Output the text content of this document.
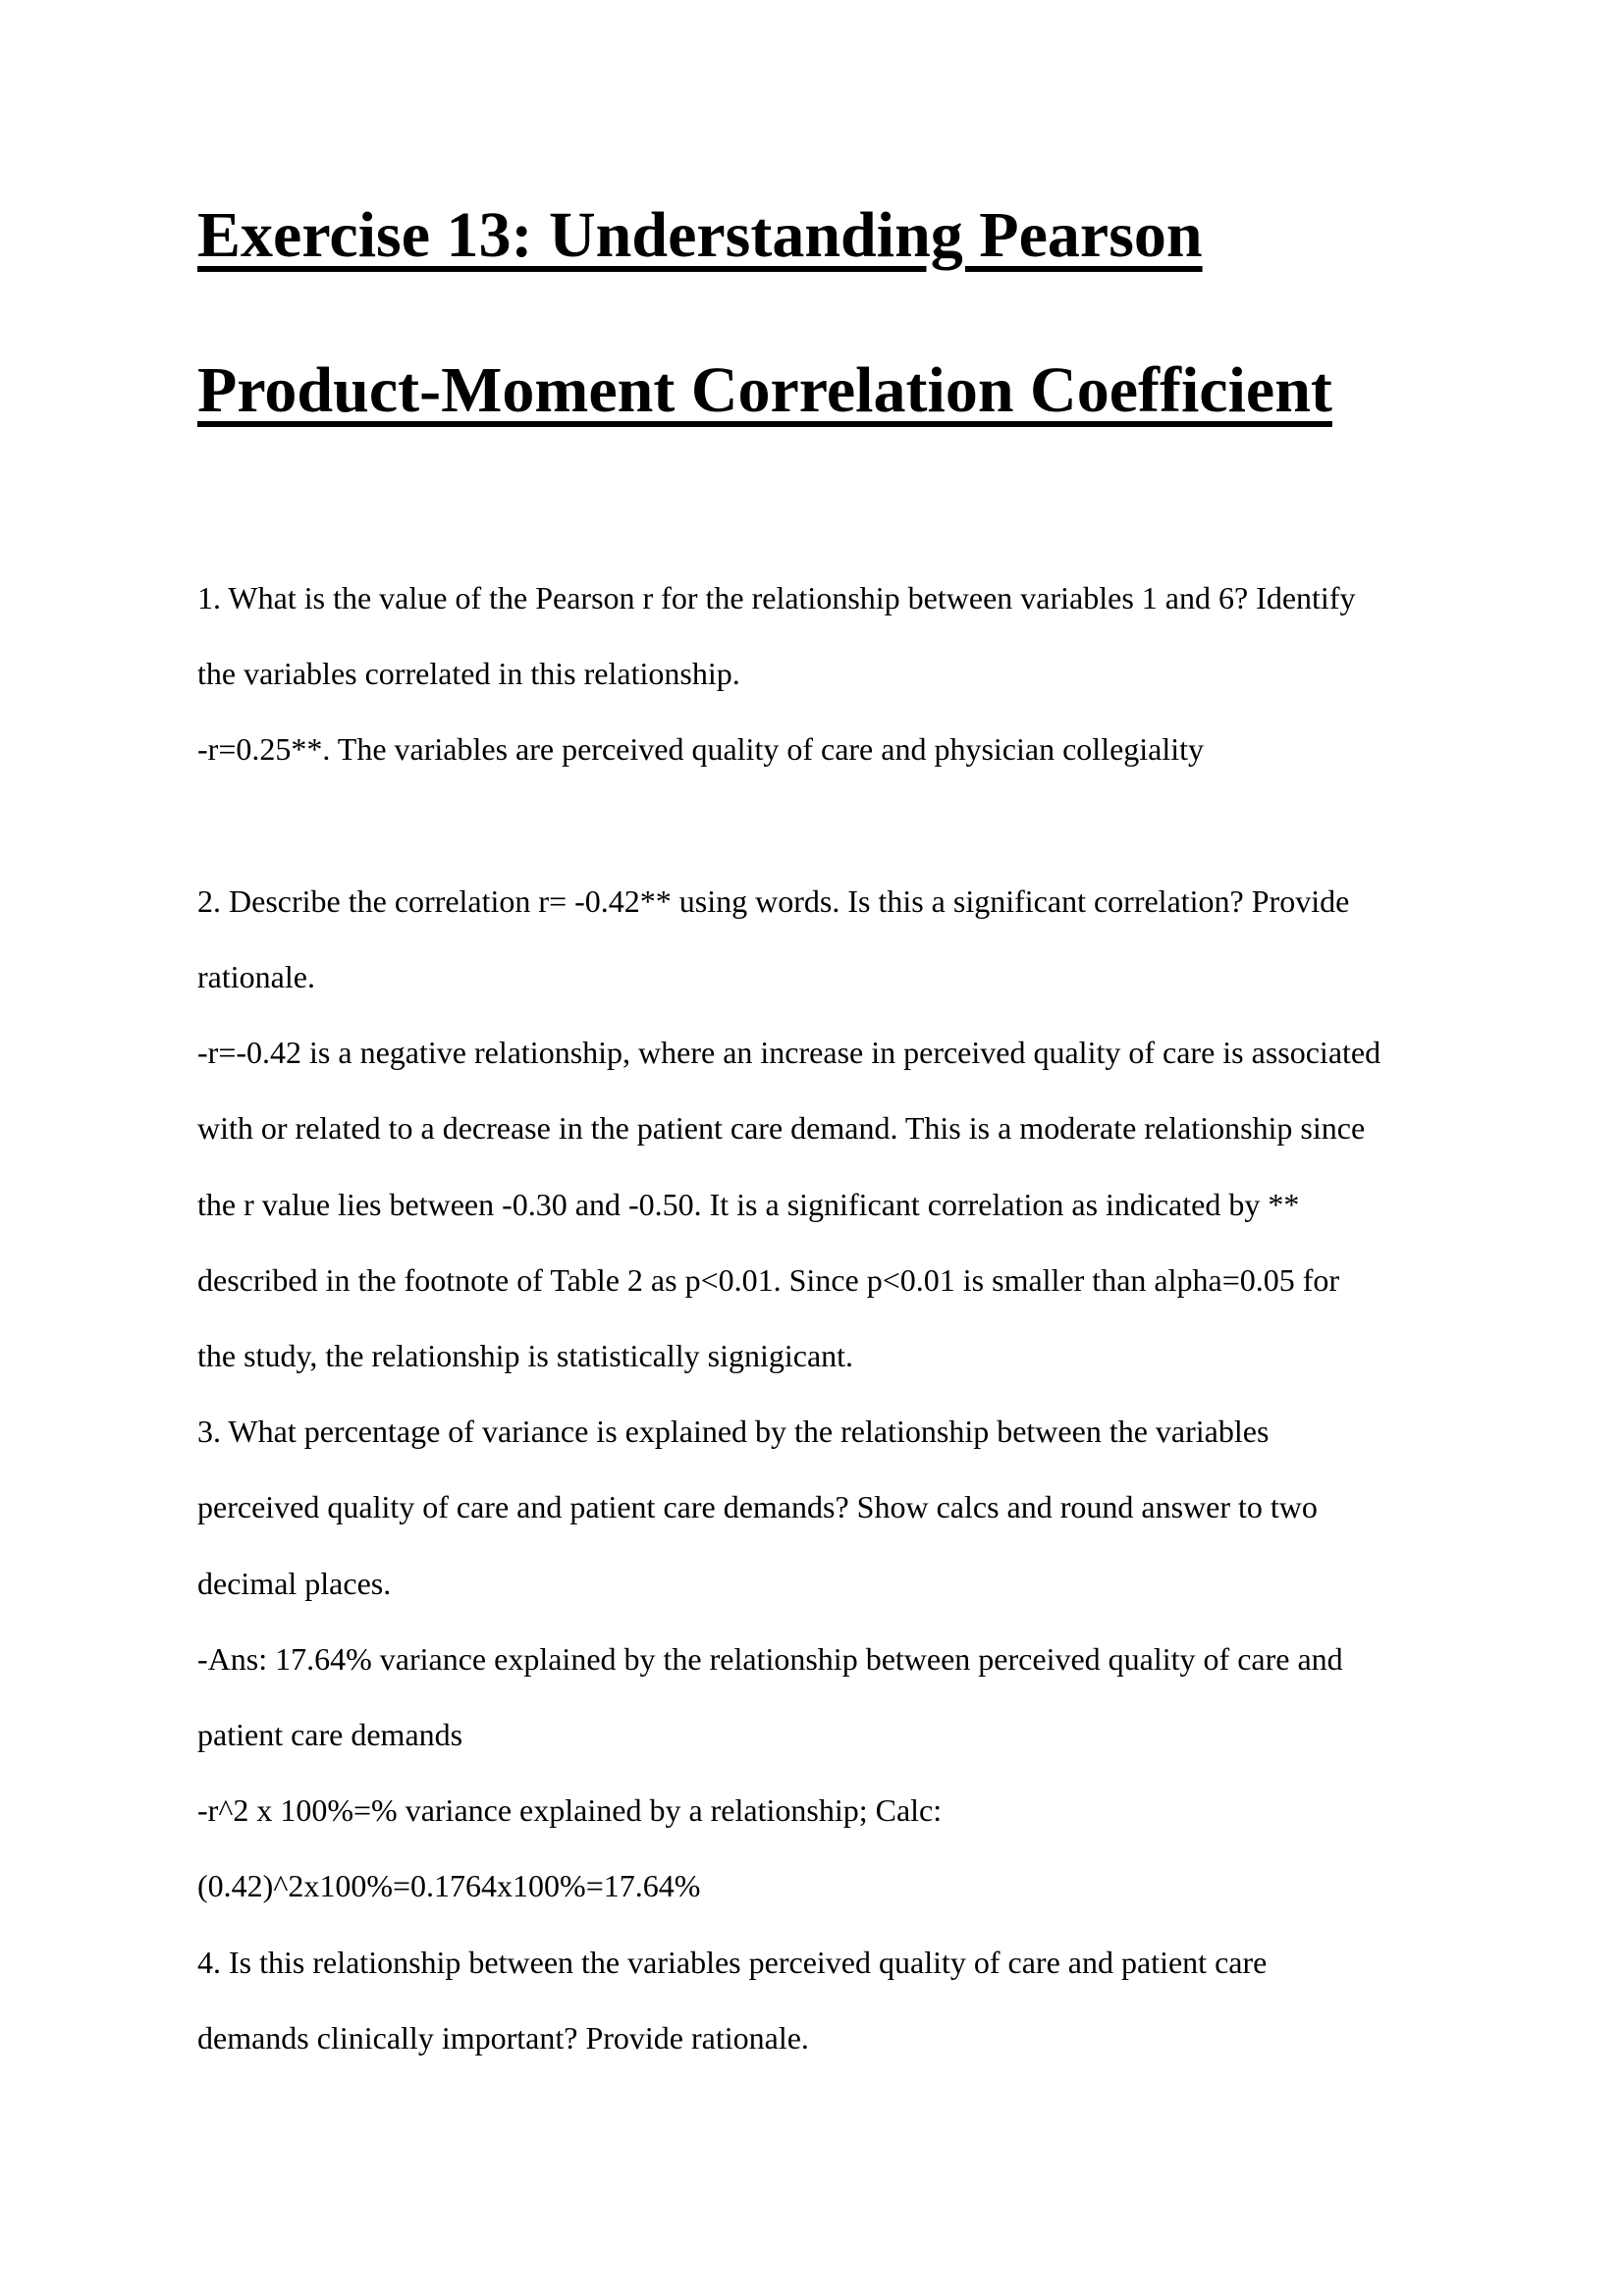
Exercise 13: Understanding Pearson
Product-Moment Correlation Coefficient

1. What is the value of the Pearson r for the relationship between variables 1 and 6? Identify

the variables correlated in this relationship.

-r=0.25**. The variables are perceived quality of care and physician collegiality

2. Describe the correlation r= -0.42** using words. Is this a significant correlation? Provide

rationale.

-r=-0.42 is a negative relationship, where an increase in perceived quality of care is associated

with or related to a decrease in the patient care demand. This is a moderate relationship since

the r value lies between -0.30 and -0.50. It is a significant correlation as indicated by **

described in the footnote of Table 2 as p<0.01. Since p<0.01 is smaller than alpha=0.05 for

the study, the relationship is statistically signigicant.

3. What percentage of variance is explained by the relationship between the variables

perceived quality of care and patient care demands? Show calcs and round answer to two

decimal places.

-Ans: 17.64% variance explained by the relationship between perceived quality of care and

patient care demands

-r^2 x 100%=% variance explained by a relationship; Calc:

(0.42)^2x100%=0.1764x100%=17.64%

4. Is this relationship between the variables perceived quality of care and patient care

demands clinically important? Provide rationale.
